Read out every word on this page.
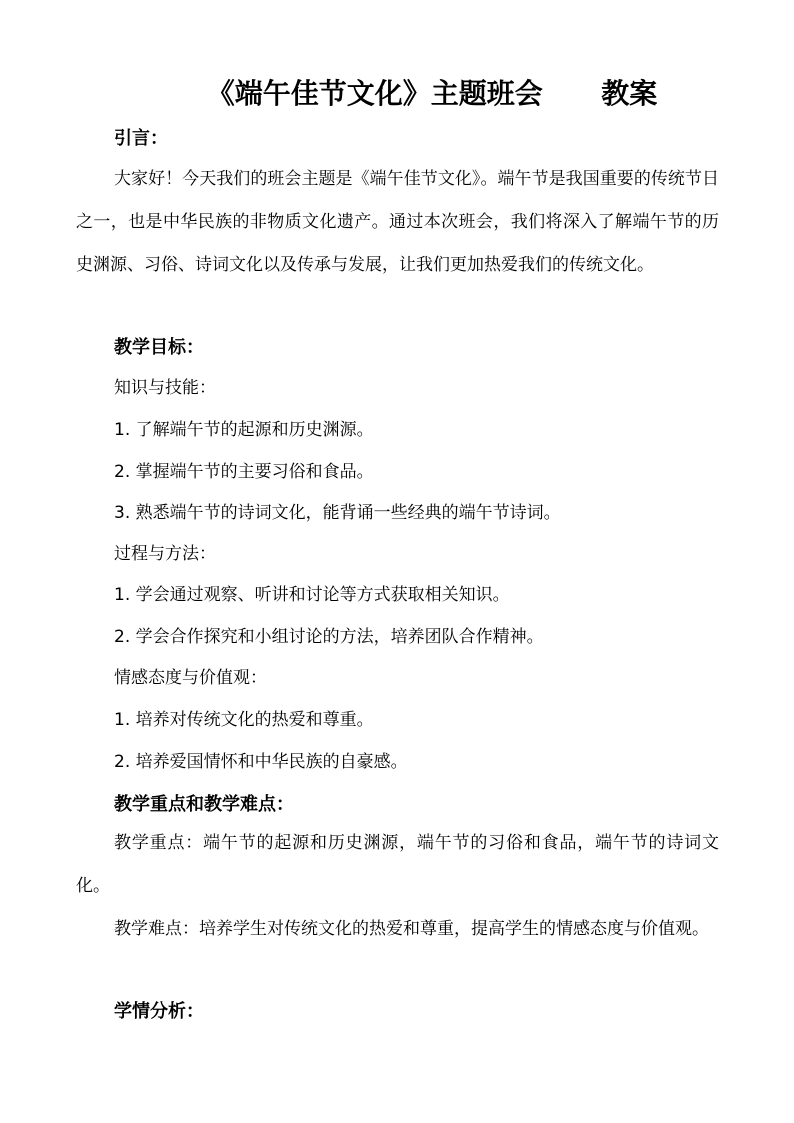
《端午佳节文化》主题班会      教案

引言：

大家好！今天我们的班会主题是《端午佳节文化》。端午节是我国重要的传统节日之一，也是中华民族的非物质文化遗产。通过本次班会，我们将深入了解端午节的历史渊源、习俗、诗词文化以及传承与发展，让我们更加热爱我们的传统文化。

教学目标：

知识与技能：

1. 了解端午节的起源和历史渊源。

2. 掌握端午节的主要习俗和食品。

3. 熟悉端午节的诗词文化，能背诵一些经典的端午节诗词。

过程与方法：

1. 学会通过观察、听讲和讨论等方式获取相关知识。

2. 学会合作探究和小组讨论的方法，培养团队合作精神。

情感态度与价值观：

1. 培养对传统文化的热爱和尊重。

2. 培养爱国情怀和中华民族的自豪感。

教学重点和教学难点：

教学重点：端午节的起源和历史渊源，端午节的习俗和食品，端午节的诗词文化。

教学难点：培养学生对传统文化的热爱和尊重，提高学生的情感态度与价值观。

学情分析：
